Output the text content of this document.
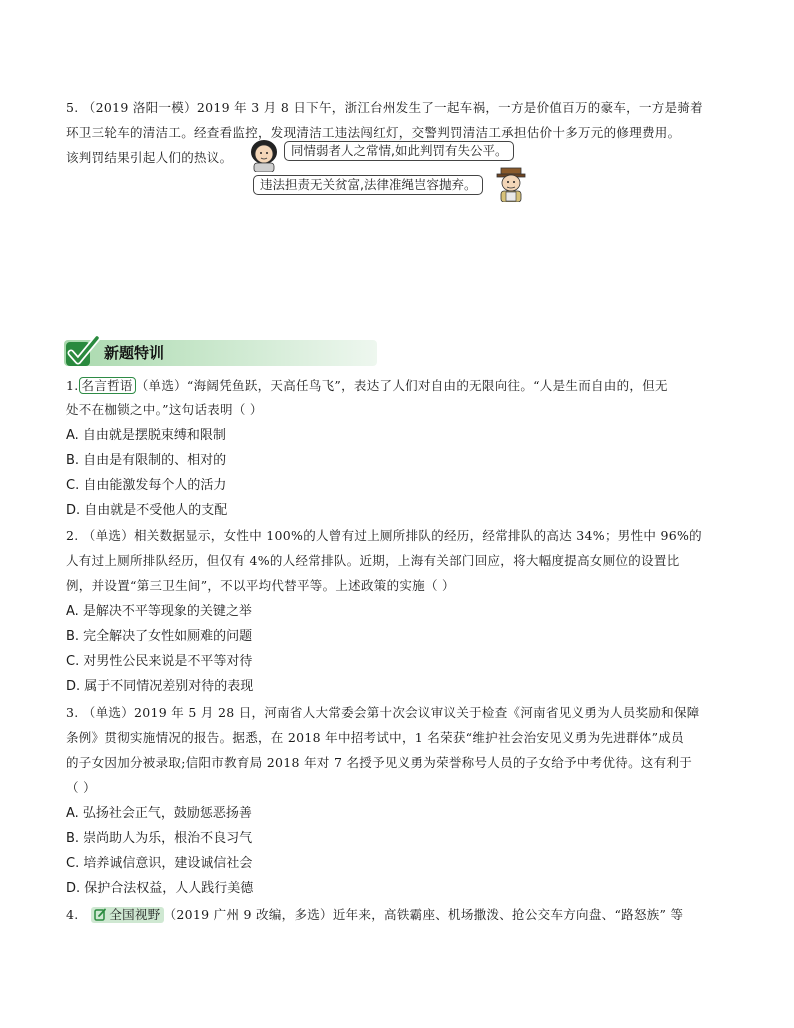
5. （2019 洛阳一模）2019 年 3 月 8 日下午，浙江台州发生了一起车祸，一方是价值百万的豪车，一方是骑着
环卫三轮车的清洁工。经查看监控，发现清洁工违法闯红灯，交警判罚清洁工承担估价十多万元的修理费用。
该判罚结果引起人们的热议。	同情弱者人之常情,如此判罚有失公平。
违法担责无关贫富,法律准绳岂容抛弃。
新题特训
1. 名言哲语 （单选）“海阔凭鱼跃，天高任鸟飞”，表达了人们对自由的无限向往。“人是生而自由的，但无
处不在枷锁之中。”这句话表明（ ）
A. 自由就是摆脱束缚和限制
B. 自由是有限制的、相对的
C. 自由能激发每个人的活力
D. 自由就是不受他人的支配
2. （单选）相关数据显示，女性中 100%的人曾有过上厕所排队的经历，经常排队的高达 34%；男性中 96%的
人有过上厕所排队经历，但仅有 4%的人经常排队。近期，上海有关部门回应，将大幅度提高女厕位的设置比
例，并设置“第三卫生间”，不以平均代替平等。上述政策的实施（ ）
A. 是解决不平等现象的关键之举
B. 完全解决了女性如厕难的问题
C. 对男性公民来说是不平等对待
D. 属于不同情况差别对待的表现
3. （单选）2019 年 5 月 28 日，河南省人大常委会第十次会议审议关于检查《河南省见义勇为人员奖励和保障
条例》贯彻实施情况的报告。据悉，在 2018 年中招考试中，1 名荣获“维护社会治安见义勇为先进群体”成员
的子女因加分被录取;信阳市教育局 2018 年对 7 名授予见义勇为荣誉称号人员的子女给予中考优待。这有利于
（ ）
A. 弘扬社会正气，鼓励惩恶扬善
B. 崇尚助人为乐，根治不良习气
C. 培养诚信意识，建设诚信社会
D. 保护合法权益，人人践行美德
4. 全国视野 （2019 广州 9 改编，多选）近年来，高铁霸座、机场撒泼、抢公交车方向盘、“路怒族” 等
